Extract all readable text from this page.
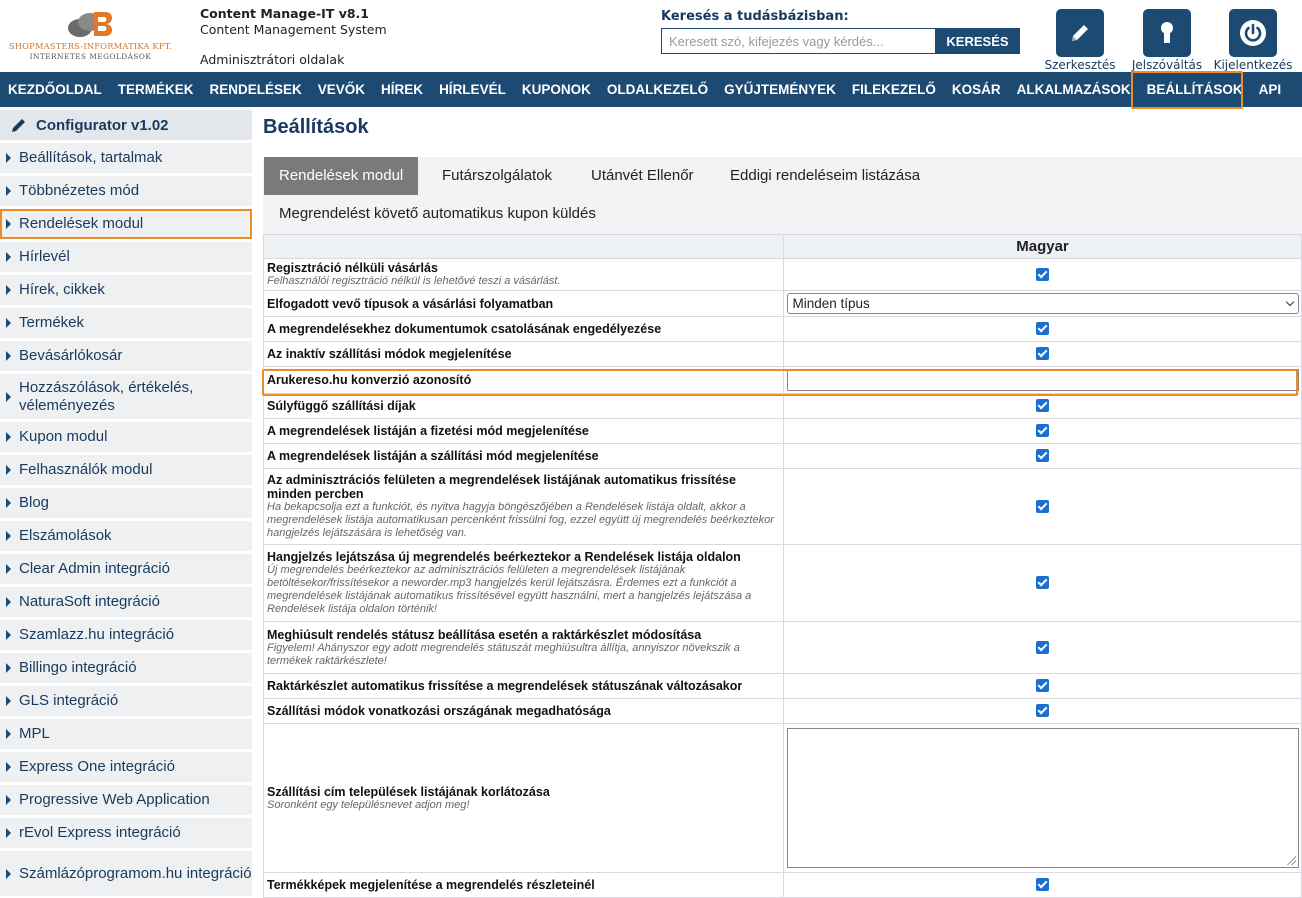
SHOPMASTERS-INFORMATIKA KFT.
INTERNETES MEGOLDÁSOK
Content Manage-IT v8.1
Content Management System
Adminisztrátori oldalak
Keresés a tudásbázisban:
Keresett szó, kifejezés vagy kérdés...
KERESÉS
Szerkesztés	Jelszóváltás Kijelentkezés
KEZDŐOLDAL	TERMÉKEK	RENDELÉSEK	VEVŐK	HÍREK	HÍRLEVÉL	KUPONOK	OLDALKEZELŐ	GYŰJTEMÉNYEK	FILEKEZELŐ	KOSÁR	ALKALMAZÁSOK	BEÁLLÍTÁSOK	API
Configurator v1.02
Beállítások, tartalmak
Többnézetes mód
Rendelések modul
Hírlevél
Hírek, cikkek
Termékek
Bevásárlókosár
Hozzászólások, értékelés, véleményezés
Kupon modul
Felhasználók modul
Blog
Elszámolások
Clear Admin integráció
NaturaSoft integráció
Szamlazz.hu integráció
Billingo integráció
GLS integráció
MPL
Express One integráció
Progressive Web Application
rEvol Express integráció
Számlázóprogramom.hu integráció
Beállítások
Rendelések modul	Futárszolgálatok	Utánvét Ellenőr	Eddigi rendeléseim listázása
Megrendelést követő automatikus kupon küldés
	Magyar

Regisztráció nélküli vásárlás
Felhasználói regisztráció nélkül is lehetővé teszi a vásárlást.	

Elfogadott vevő típusok a vásárlási folyamatban	Minden típus

A megrendelésekhez dokumentumok csatolásának engedélyezése	

Az inaktív szállítási módok megjelenítése	

Arukereso.hu konverzió azonosító	

Súlyfüggő szállítási díjak	

A megrendelések listáján a fizetési mód megjelenítése	

A megrendelések listáján a szállítási mód megjelenítése	

Az adminisztrációs felületen a megrendelések listájának automatikus frissítése minden percben
Ha bekapcsolja ezt a funkciót, és nyitva hagyja böngészőjében a Rendelések listája oldalt, akkor a megrendelések listája automatikusan percenként frissülni fog, ezzel együtt új megrendelés beérkeztekor hangjelzés lejátszására is lehetőség van.	

Hangjelzés lejátszása új megrendelés beérkeztekor a Rendelések listája oldalon
Új megrendelés beérkeztekor az adminisztrációs felületen a megrendelések listájának betöltésekor/frissítésekor a neworder.mp3 hangjelzés kerül lejátszásra. Érdemes ezt a funkciót a megrendelések listájának automatikus frissítésével együtt használni, mert a hangjelzés lejátszása a Rendelések listája oldalon történik!	

Meghiúsult rendelés státusz beállítása esetén a raktárkészlet módosítása
Figyelem! Ahányszor egy adott megrendelés státuszát meghiúsultra állítja, annyiszor növekszik a termékek raktárkészlete!	

Raktárkészlet automatikus frissítése a megrendelések státuszának változásakor	

Szállítási módok vonatkozási országának megadhatósága	

Szállítási cím települések listájának korlátozása
Soronként egy településnevet adjon meg!	

Termékképek megjelenítése a megrendelés részleteinél	
